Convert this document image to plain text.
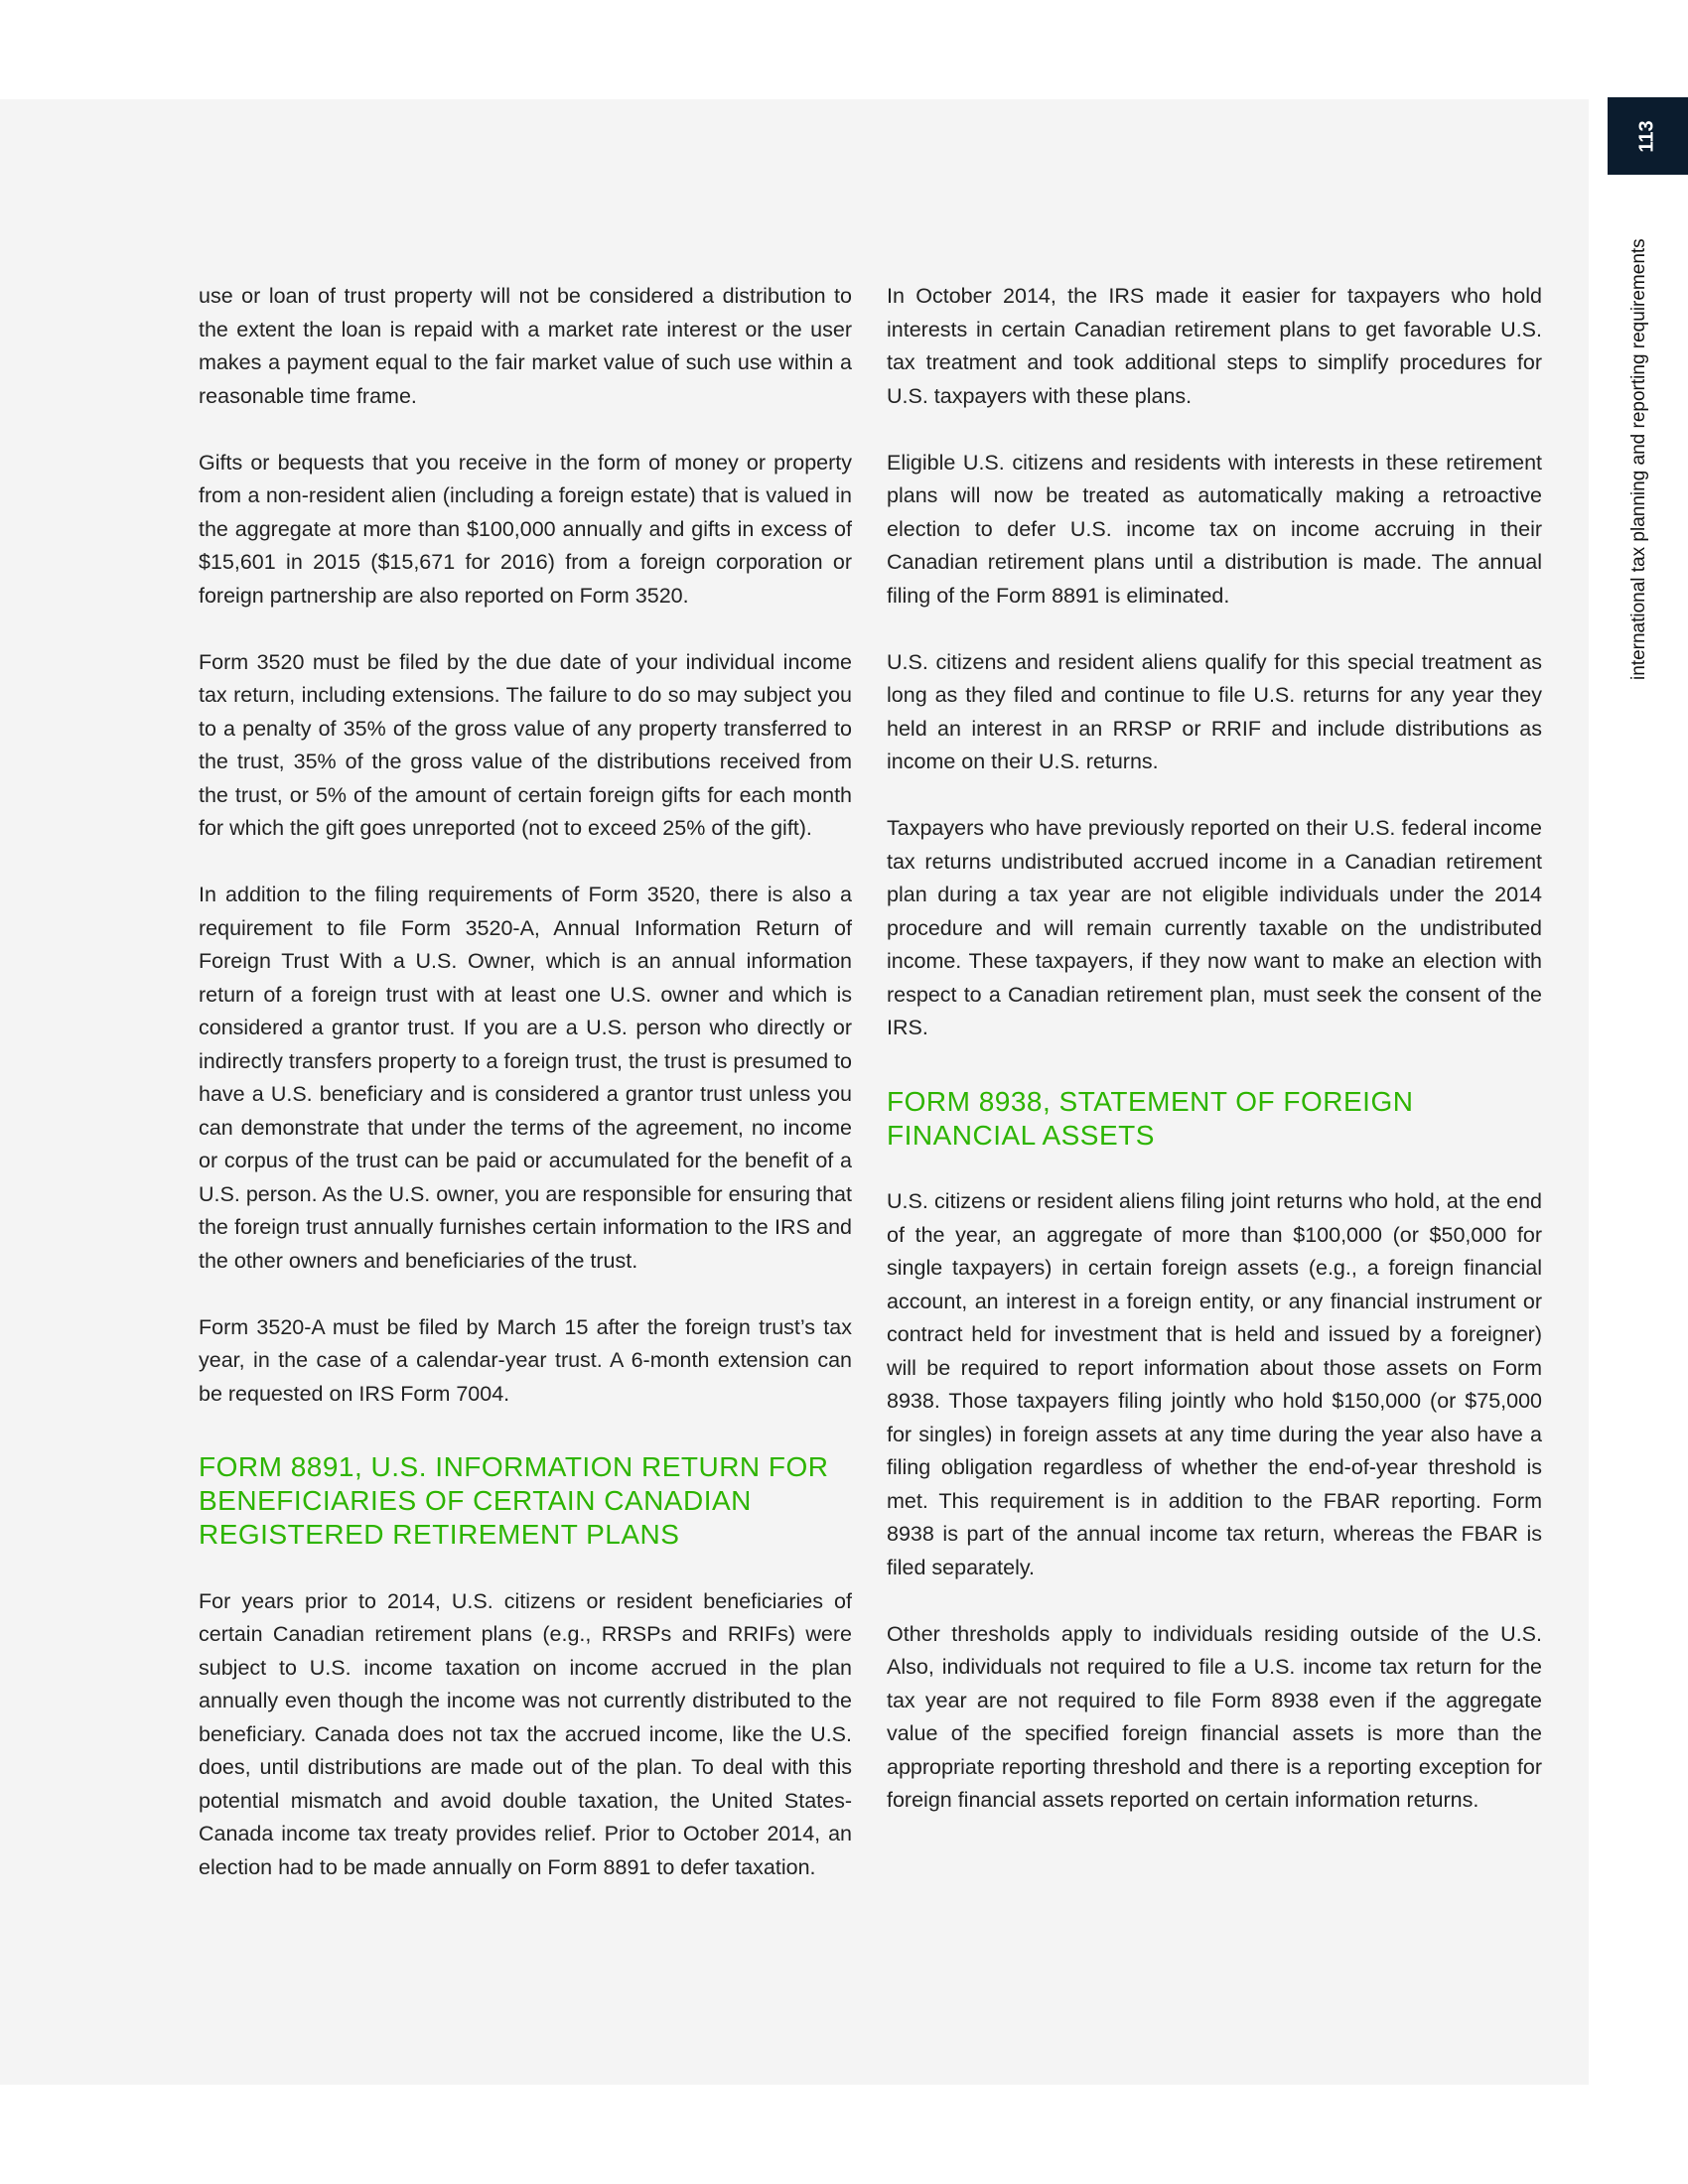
113
international tax planning and reporting requirements

use or loan of trust property will not be considered a distribution to the extent the loan is repaid with a market rate interest or the user makes a payment equal to the fair market value of such use within a reasonable time frame.

Gifts or bequests that you receive in the form of money or property from a non-resident alien (including a foreign estate) that is valued in the aggregate at more than $100,000 annually and gifts in excess of $15,601 in 2015 ($15,671 for 2016) from a foreign corporation or foreign partnership are also reported on Form 3520.

Form 3520 must be filed by the due date of your individual income tax return, including extensions. The failure to do so may subject you to a penalty of 35% of the gross value of any property transferred to the trust, 35% of the gross value of the distributions received from the trust, or 5% of the amount of certain foreign gifts for each month for which the gift goes unreported (not to exceed 25% of the gift).

In addition to the filing requirements of Form 3520, there is also a requirement to file Form 3520-A, Annual Information Return of Foreign Trust With a U.S. Owner, which is an annual information return of a foreign trust with at least one U.S. owner and which is considered a grantor trust. If you are a U.S. person who directly or indirectly transfers property to a foreign trust, the trust is presumed to have a U.S. beneficiary and is considered a grantor trust unless you can demonstrate that under the terms of the agreement, no income or corpus of the trust can be paid or accumulated for the benefit of a U.S. person. As the U.S. owner, you are responsible for ensuring that the foreign trust annually furnishes certain information to the IRS and the other owners and beneficiaries of the trust.

Form 3520-A must be filed by March 15 after the foreign trust’s tax year, in the case of a calendar-year trust. A 6-month extension can be requested on IRS Form 7004.

FORM 8891, U.S. INFORMATION RETURN FOR BENEFICIARIES OF CERTAIN CANADIAN REGISTERED RETIREMENT PLANS

For years prior to 2014, U.S. citizens or resident beneficiaries of certain Canadian retirement plans (e.g., RRSPs and RRIFs) were subject to U.S. income taxation on income accrued in the plan annually even though the income was not currently distributed to the beneficiary. Canada does not tax the accrued income, like the U.S. does, until distributions are made out of the plan. To deal with this potential mismatch and avoid double taxation, the United States-Canada income tax treaty provides relief. Prior to October 2014, an election had to be made annually on Form 8891 to defer taxation.

In October 2014, the IRS made it easier for taxpayers who hold interests in certain Canadian retirement plans to get favorable U.S. tax treatment and took additional steps to simplify procedures for U.S. taxpayers with these plans.

Eligible U.S. citizens and residents with interests in these retirement plans will now be treated as automatically making a retroactive election to defer U.S. income tax on income accruing in their Canadian retirement plans until a distribution is made. The annual filing of the Form 8891 is eliminated.

U.S. citizens and resident aliens qualify for this special treatment as long as they filed and continue to file U.S. returns for any year they held an interest in an RRSP or RRIF and include distributions as income on their U.S. returns.

Taxpayers who have previously reported on their U.S. federal income tax returns undistributed accrued income in a Canadian retirement plan during a tax year are not eligible individuals under the 2014 procedure and will remain currently taxable on the undistributed income. These taxpayers, if they now want to make an election with respect to a Canadian retirement plan, must seek the consent of the IRS.

FORM 8938, STATEMENT OF FOREIGN FINANCIAL ASSETS

U.S. citizens or resident aliens filing joint returns who hold, at the end of the year, an aggregate of more than $100,000 (or $50,000 for single taxpayers) in certain foreign assets (e.g., a foreign financial account, an interest in a foreign entity, or any financial instrument or contract held for investment that is held and issued by a foreigner) will be required to report information about those assets on Form 8938. Those taxpayers filing jointly who hold $150,000 (or $75,000 for singles) in foreign assets at any time during the year also have a filing obligation regardless of whether the end-of-year threshold is met. This requirement is in addition to the FBAR reporting. Form 8938 is part of the annual income tax return, whereas the FBAR is filed separately.

Other thresholds apply to individuals residing outside of the U.S. Also, individuals not required to file a U.S. income tax return for the tax year are not required to file Form 8938 even if the aggregate value of the specified foreign financial assets is more than the appropriate reporting threshold and there is a reporting exception for foreign financial assets reported on certain information returns.
